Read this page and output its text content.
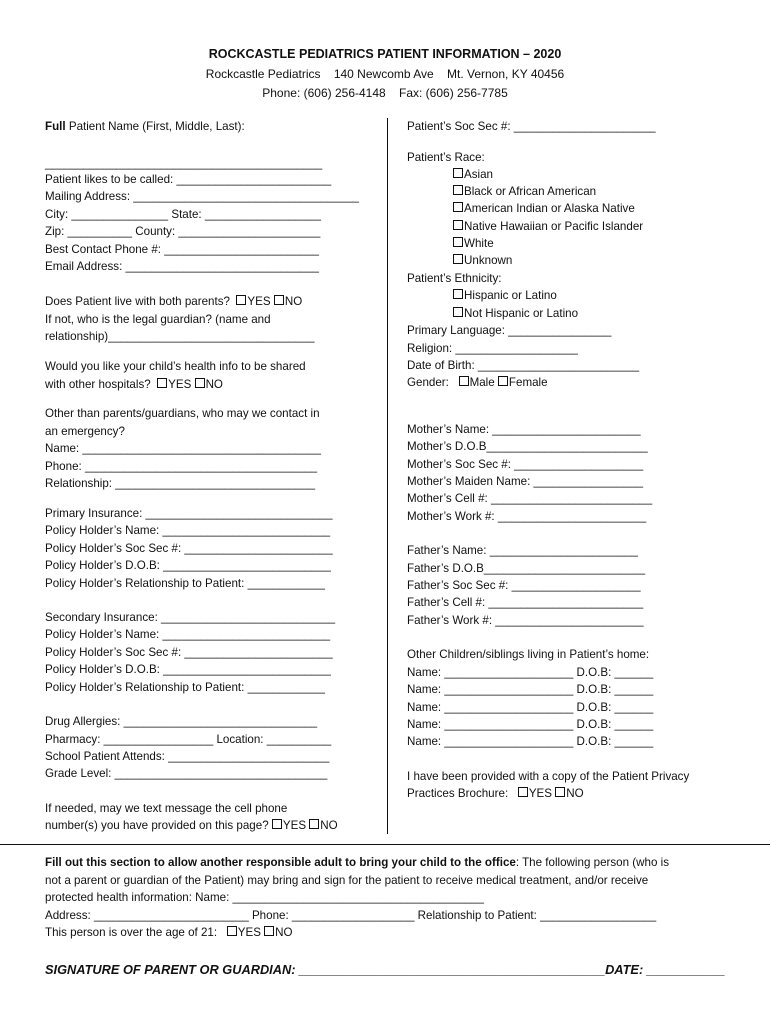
ROCKCASTLE PEDIATRICS PATIENT INFORMATION – 2020
Rockcastle Pediatrics    140 Newcomb Ave    Mt. Vernon, KY 40456
Phone: (606) 256-4148    Fax: (606) 256-7785
Full Patient Name (First, Middle, Last):
___________________________________________
Patient likes to be called: ________________________
Mailing Address: ___________________________________
City: _______________ State: __________________
Zip: __________ County: ______________________
Best Contact Phone #: ________________________
Email Address: ______________________________
Does Patient live with both parents?  YES NO
If not, who is the legal guardian? (name and
relationship)________________________________
Would you like your child’s health info to be shared
with other hospitals?  YES NO
Other than parents/guardians, who may we contact in
an emergency?
Name: _____________________________________
Phone: ____________________________________
Relationship: _______________________________
Primary Insurance: _____________________________
Policy Holder’s Name: __________________________
Policy Holder’s Soc Sec #: _______________________
Policy Holder’s D.O.B: __________________________
Policy Holder’s Relationship to Patient: ____________
Secondary Insurance: ___________________________
Policy Holder’s Name: __________________________
Policy Holder’s Soc Sec #: _______________________
Policy Holder’s D.O.B: __________________________
Policy Holder’s Relationship to Patient: ____________
Drug Allergies: ______________________________
Pharmacy: _________________ Location: __________
School Patient Attends: _________________________
Grade Level: _________________________________
If needed, may we text message the cell phone
number(s) you have provided on this page? YES NO
Patient’s Soc Sec #: ______________________
Patient’s Race:
Asian
Black or African American
American Indian or Alaska Native
Native Hawaiian or Pacific Islander
White
Unknown
Patient’s Ethnicity:
Hispanic or Latino
Not Hispanic or Latino
Primary Language: ________________
Religion: ___________________
Date of Birth: _________________________
Gender:   Male Female
Mother’s Name: _______________________
Mother’s D.O.B_________________________
Mother’s Soc Sec #: ____________________
Mother’s Maiden Name: _________________
Mother’s Cell #: _________________________
Mother’s Work #: _______________________
Father’s Name: _______________________
Father’s D.O.B_________________________
Father’s Soc Sec #: ____________________
Father’s Cell #: ________________________
Father’s Work #: _______________________
Other Children/siblings living in Patient’s home:
Name: ____________________ D.O.B: ______
Name: ____________________ D.O.B: ______
Name: ____________________ D.O.B: ______
Name: ____________________ D.O.B: ______
Name: ____________________ D.O.B: ______
I have been provided with a copy of the Patient Privacy
Practices Brochure:   YES NO
Fill out this section to allow another responsible adult to bring your child to the office: The following person (who is
not a parent or guardian of the Patient) may bring and sign for the patient to receive medical treatment, and/or receive
protected health information: Name: _______________________________________
Address: ________________________ Phone: ___________________ Relationship to Patient: __________________
This person is over the age of 21:   YES NO
SIGNATURE OF PARENT OR GUARDIAN: ___________________________________________DATE: ___________
